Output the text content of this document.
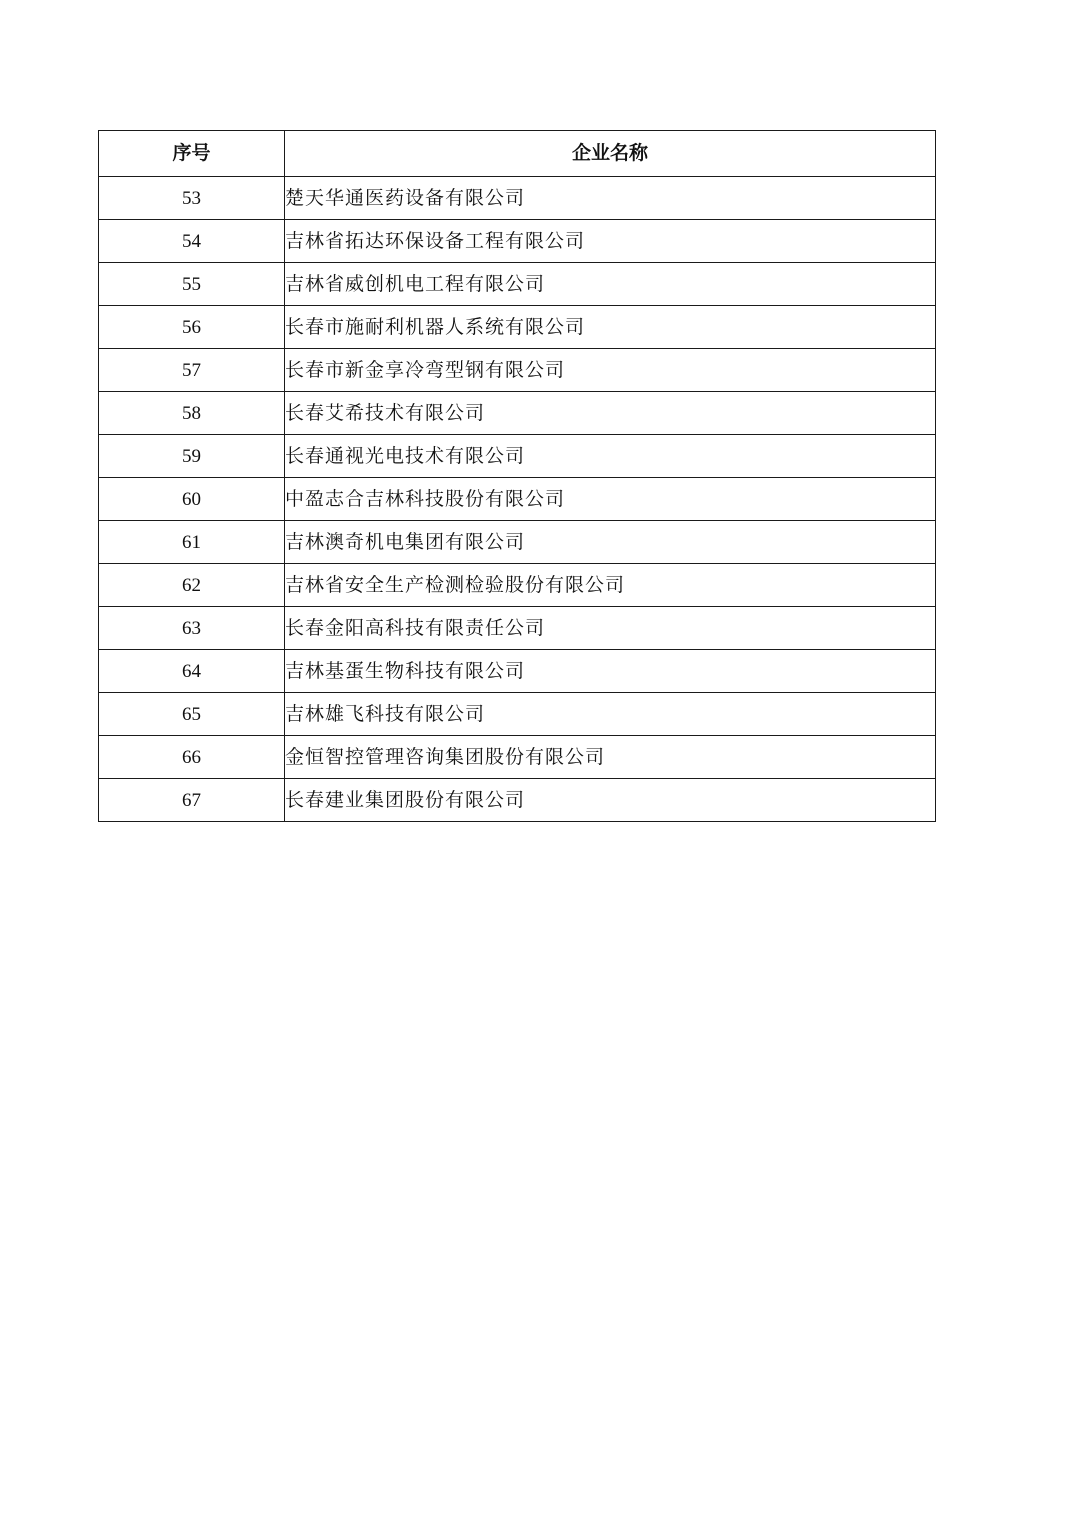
序号	企业名称
53	楚天华通医药设备有限公司
54	吉林省拓达环保设备工程有限公司
55	吉林省威创机电工程有限公司
56	长春市施耐利机器人系统有限公司
57	长春市新金享冷弯型钢有限公司
58	长春艾希技术有限公司
59	长春通视光电技术有限公司
60	中盈志合吉林科技股份有限公司
61	吉林澳奇机电集团有限公司
62	吉林省安全生产检测检验股份有限公司
63	长春金阳高科技有限责任公司
64	吉林基蛋生物科技有限公司
65	吉林雄飞科技有限公司
66	金恒智控管理咨询集团股份有限公司
67	长春建业集团股份有限公司
